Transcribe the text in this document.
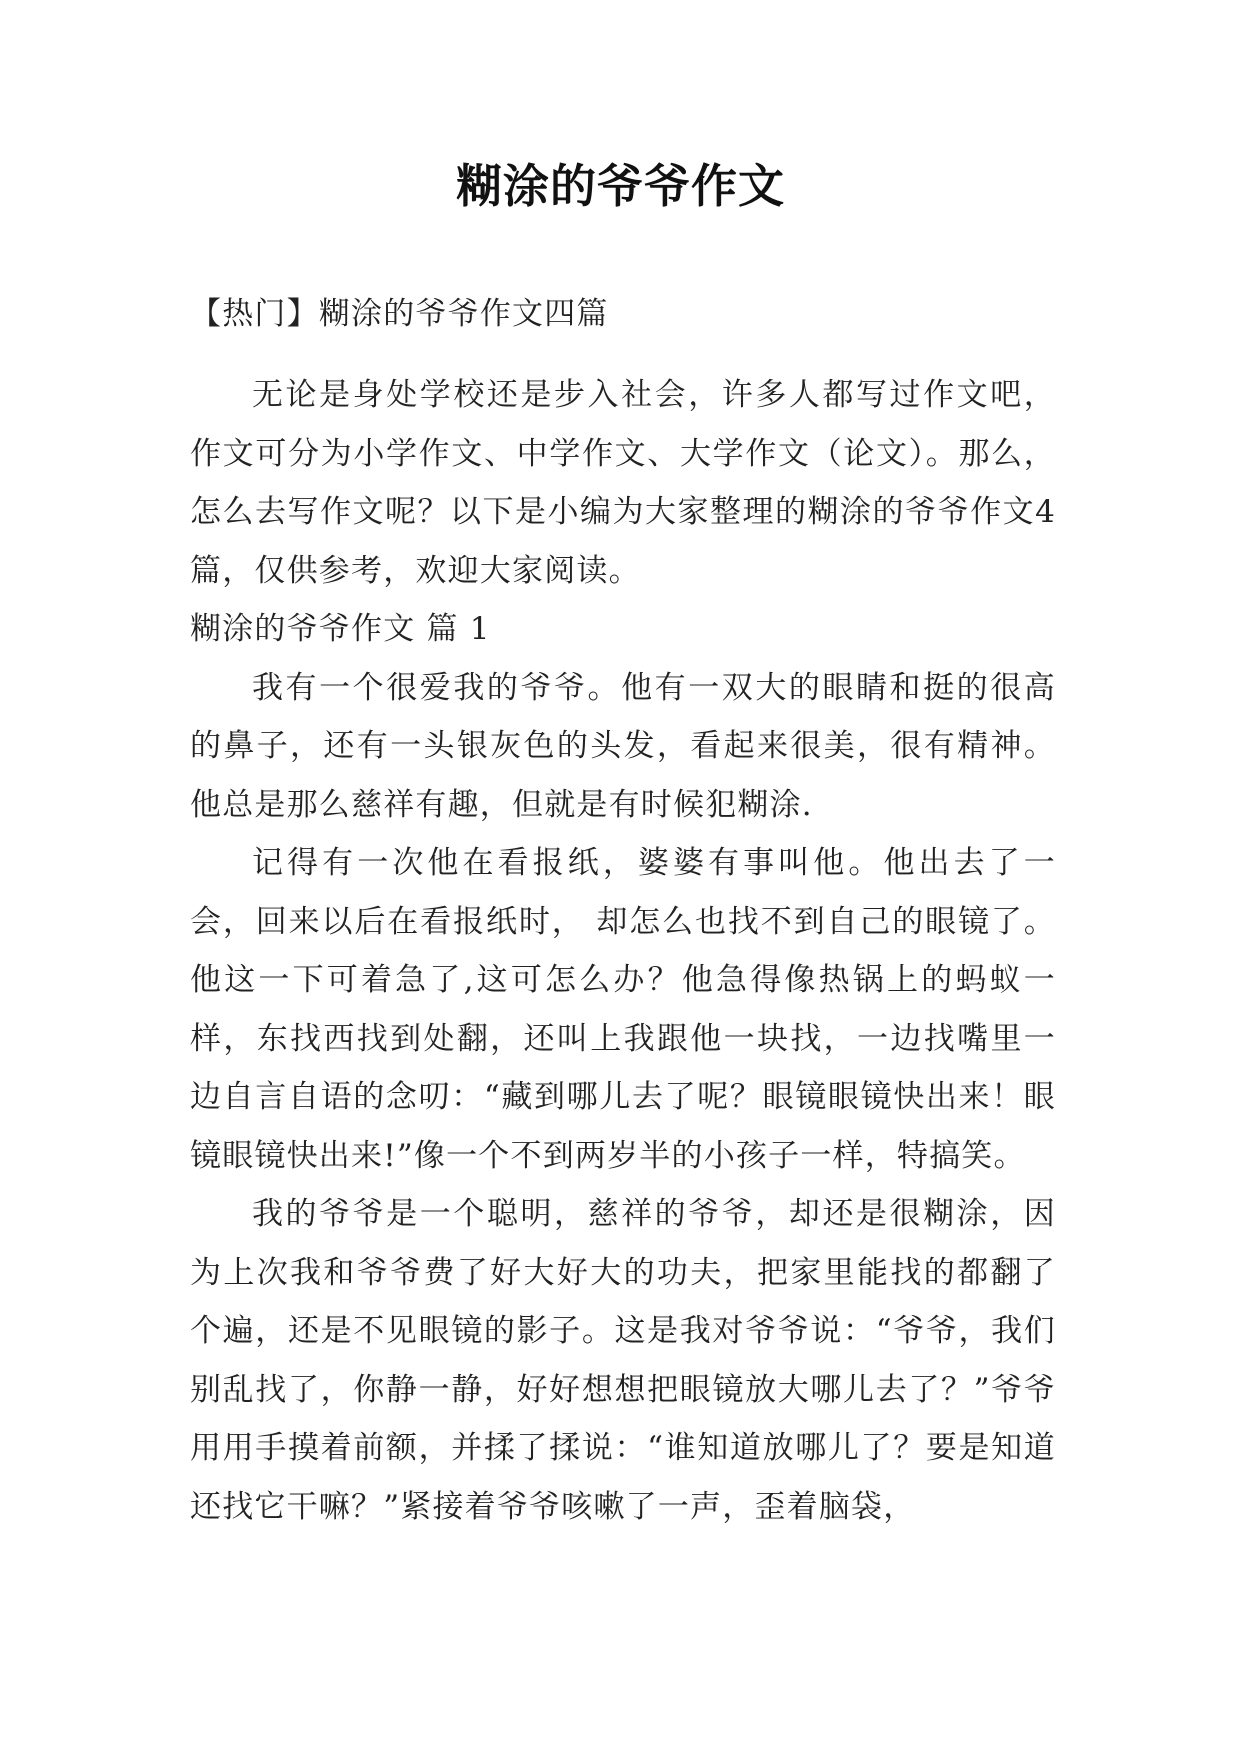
糊涂的爷爷作文
【热门】糊涂的爷爷作文四篇

无论是身处学校还是步入社会，许多人都写过作文吧，作文可分为小学作文、中学作文、大学作文（论文）。那么，怎么去写作文呢？以下是小编为大家整理的糊涂的爷爷作文4篇，仅供参考，欢迎大家阅读。

糊涂的爷爷作文 篇 1

我有一个很爱我的爷爷。他有一双大的眼睛和挺的很高的鼻子，还有一头银灰色的头发，看起来很美，很有精神。他总是那么慈祥有趣，但就是有时候犯糊涂.

记得有一次他在看报纸，婆婆有事叫他。他出去了一会，回来以后在看报纸时， 却怎么也找不到自己的眼镜了。他这一下可着急了,这可怎么办？他急得像热锅上的蚂蚁一样，东找西找到处翻，还叫上我跟他一块找，一边找嘴里一边自言自语的念叨：“藏到哪儿去了呢？眼镜眼镜快出来！眼镜眼镜快出来!”像一个不到两岁半的小孩子一样，特搞笑。

我的爷爷是一个聪明，慈祥的爷爷，却还是很糊涂，因为上次我和爷爷费了好大好大的功夫，把家里能找的都翻了个遍，还是不见眼镜的影子。这是我对爷爷说：“爷爷，我们别乱找了，你静一静，好好想想把眼镜放大哪儿去了？”爷爷用用手摸着前额，并揉了揉说：“谁知道放哪儿了？要是知道还找它干嘛？”紧接着爷爷咳嗽了一声，歪着脑袋，
